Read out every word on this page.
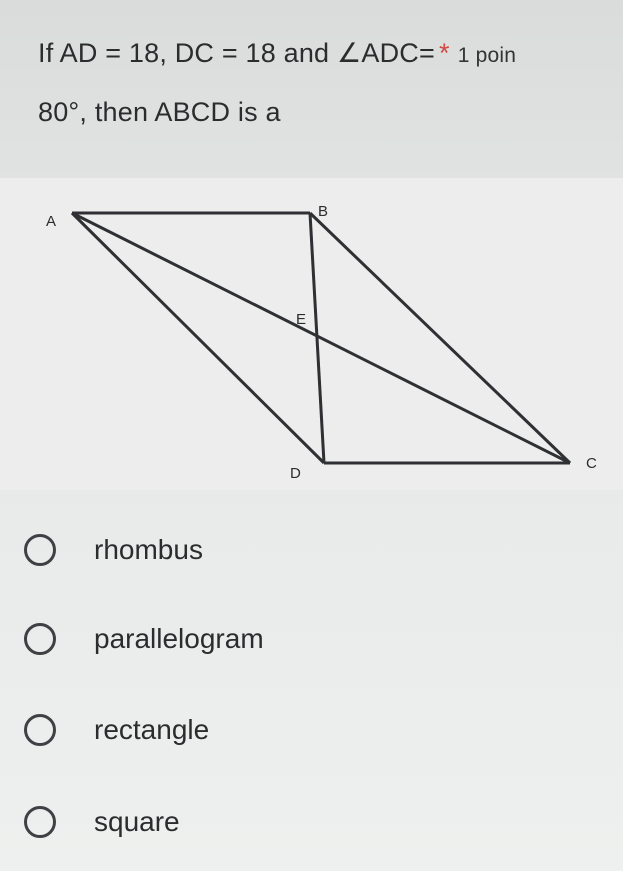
If AD = 18, DC = 18 and ∠ADC= * 1 poin
80°, then ABCD is a
A
B
C
D
E
rhombus
parallelogram
rectangle
square
